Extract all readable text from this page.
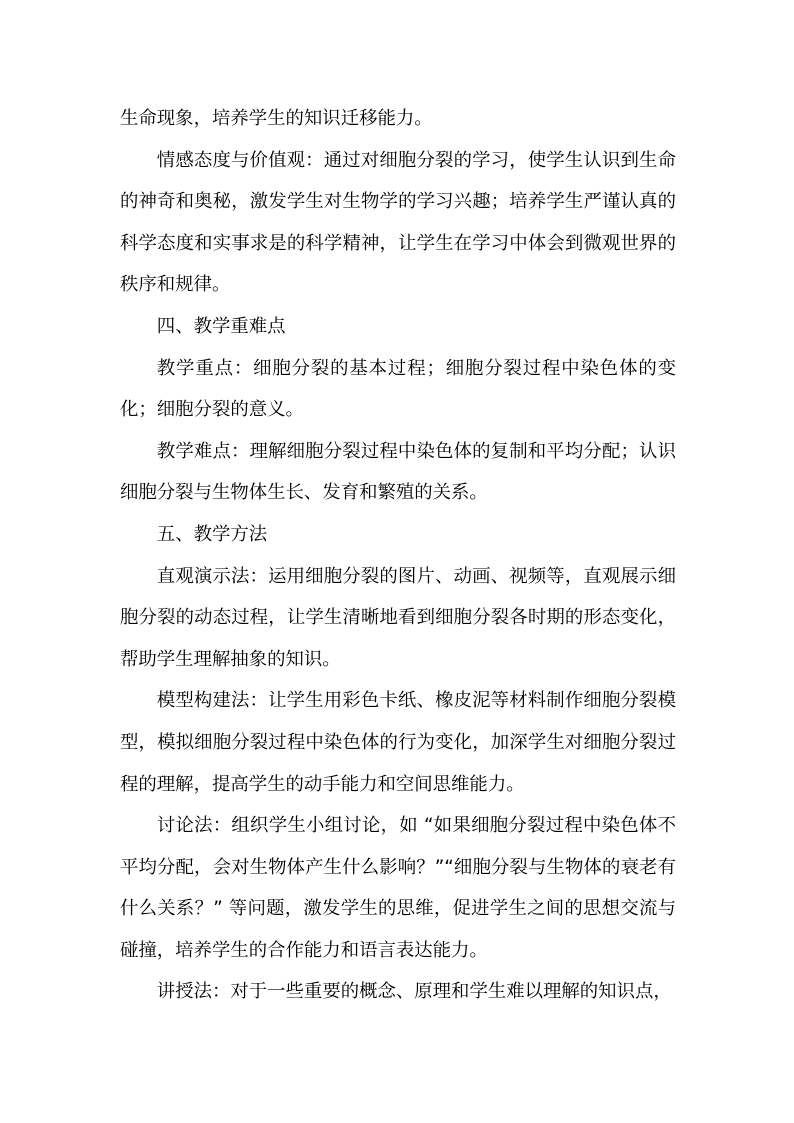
生命现象，培养学生的知识迁移能力。

情感态度与价值观：通过对细胞分裂的学习，使学生认识到生命的神奇和奥秘，激发学生对生物学的学习兴趣；培养学生严谨认真的科学态度和实事求是的科学精神，让学生在学习中体会到微观世界的秩序和规律。

四、教学重难点

教学重点：细胞分裂的基本过程；细胞分裂过程中染色体的变化；细胞分裂的意义。

教学难点：理解细胞分裂过程中染色体的复制和平均分配；认识细胞分裂与生物体生长、发育和繁殖的关系。

五、教学方法

直观演示法：运用细胞分裂的图片、动画、视频等，直观展示细胞分裂的动态过程，让学生清晰地看到细胞分裂各时期的形态变化，帮助学生理解抽象的知识。

模型构建法：让学生用彩色卡纸、橡皮泥等材料制作细胞分裂模型，模拟细胞分裂过程中染色体的行为变化，加深学生对细胞分裂过程的理解，提高学生的动手能力和空间思维能力。

讨论法：组织学生小组讨论，如 “如果细胞分裂过程中染色体不平均分配，会对生物体产生什么影响？”“细胞分裂与生物体的衰老有什么关系？” 等问题，激发学生的思维，促进学生之间的思想交流与碰撞，培养学生的合作能力和语言表达能力。

讲授法：对于一些重要的概念、原理和学生难以理解的知识点，
